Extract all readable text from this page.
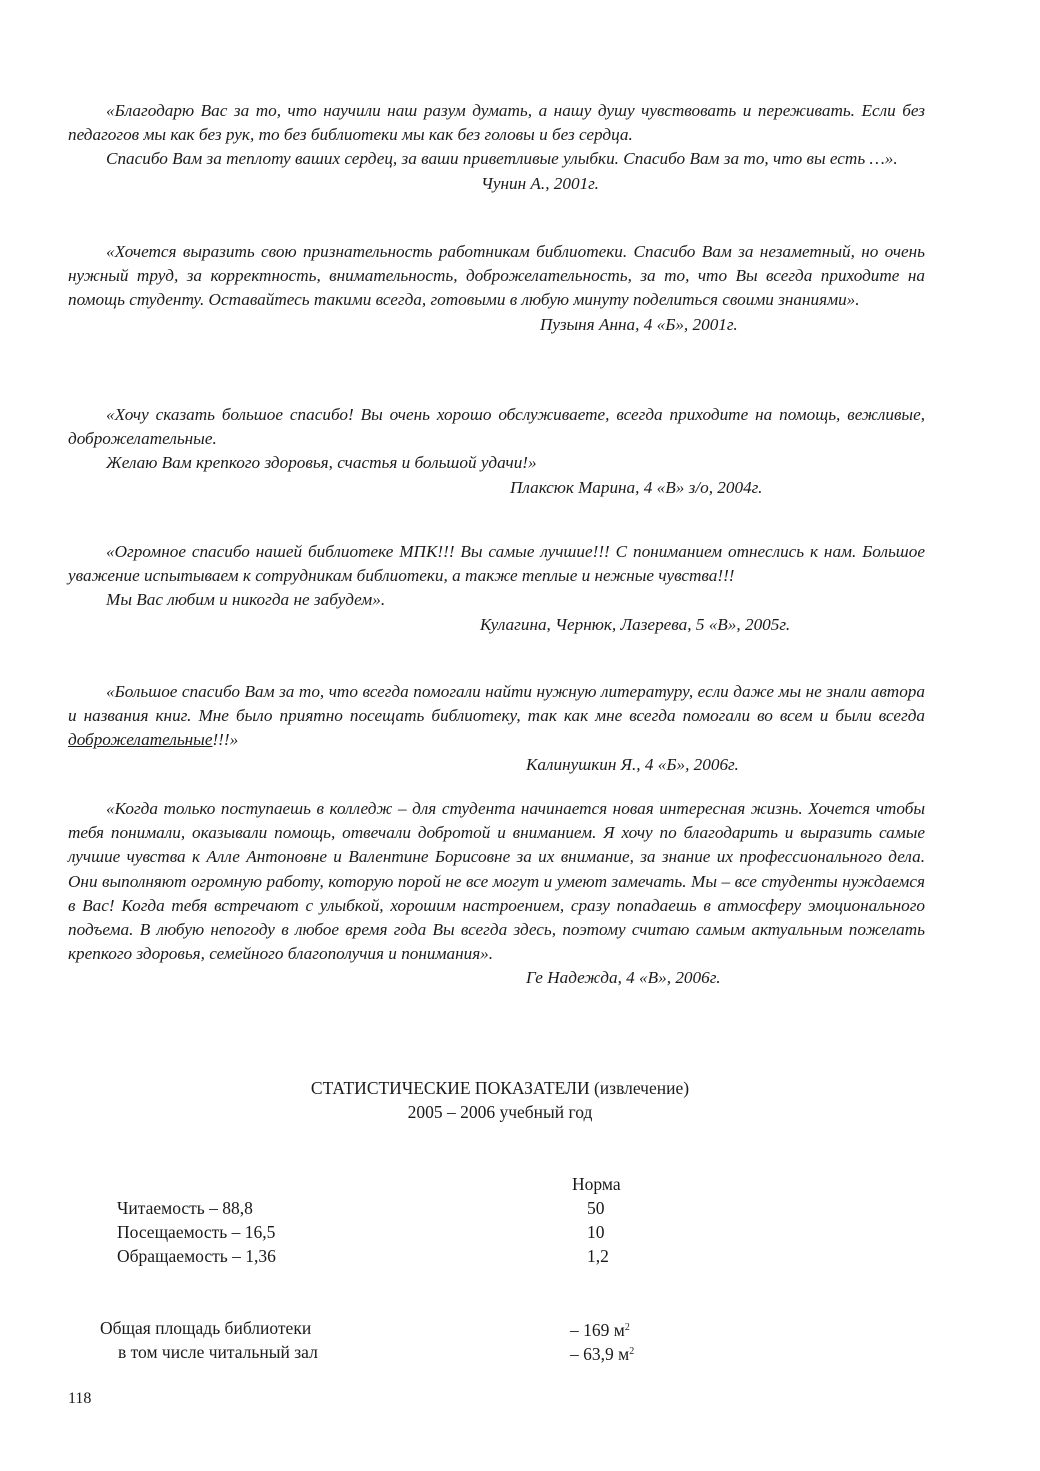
«Благодарю Вас за то, что научили наш разум думать, а нашу душу чувствовать и переживать. Если без педагогов мы как без рук, то без библиотеки мы как без головы и без сердца.

Спасибо Вам за теплоту ваших сердец, за ваши приветливые улыбки. Спасибо Вам за то, что вы есть …».

Чунин А., 2001г.

«Хочется выразить свою признательность работникам библиотеки. Спасибо Вам за незаметный, но очень нужный труд, за корректность, внимательность, доброжелательность, за то, что Вы всегда приходите на помощь студенту. Оставайтесь такими всегда, готовыми в любую минуту поделиться своими знаниями».

Пузыня Анна, 4 «Б», 2001г.

«Хочу сказать большое спасибо! Вы очень хорошо обслуживаете, всегда приходите на помощь, вежливые, доброжелательные.

Желаю Вам крепкого здоровья, счастья и большой удачи!»

Плаксюк Марина, 4 «В» з/о, 2004г.

«Огромное спасибо нашей библиотеке МПК!!! Вы самые лучшие!!! С пониманием отнеслись к нам. Большое уважение испытываем к сотрудникам библиотеки, а также теплые и нежные чувства!!!

Мы Вас любим и никогда не забудем».

Кулагина, Чернюк, Лазерева, 5 «В», 2005г.

«Большое спасибо Вам за то, что всегда помогали найти нужную литературу, если даже мы не знали автора и названия книг. Мне было приятно посещать библиотеку, так как мне всегда помогали во всем и были всегда доброжелательные!!!»

Калинушкин Я., 4 «Б», 2006г.

«Когда только поступаешь в колледж – для студента начинается новая интересная жизнь. Хочется чтобы тебя понимали, оказывали помощь, отвечали добротой и вниманием. Я хочу по благодарить и выразить самые лучшие чувства к Алле Антоновне и Валентине Борисовне за их внимание, за знание их профессионального дела. Они выполняют огромную работу, которую порой не все могут и умеют замечать. Мы – все студенты нуждаемся в Вас! Когда тебя встречают с улыбкой, хорошим настроением, сразу попадаешь в атмосферу эмоционального подъема. В любую непогоду в любое время года Вы всегда здесь, поэтому считаю самым актуальным пожелать крепкого здоровья, семейного благополучия и понимания».

Ге Надежда, 4 «В», 2006г.

СТАТИСТИЧЕСКИЕ ПОКАЗАТЕЛИ (извлечение)
2005 – 2006 учебный год
Норма
Читаемость – 88,8	50
Посещаемость – 16,5	10
Обращаемость – 1,36	1,2
Общая площадь библиотеки	– 169 $м^2$
в том числе читальный зал	– 63,9 $м^2$
118
